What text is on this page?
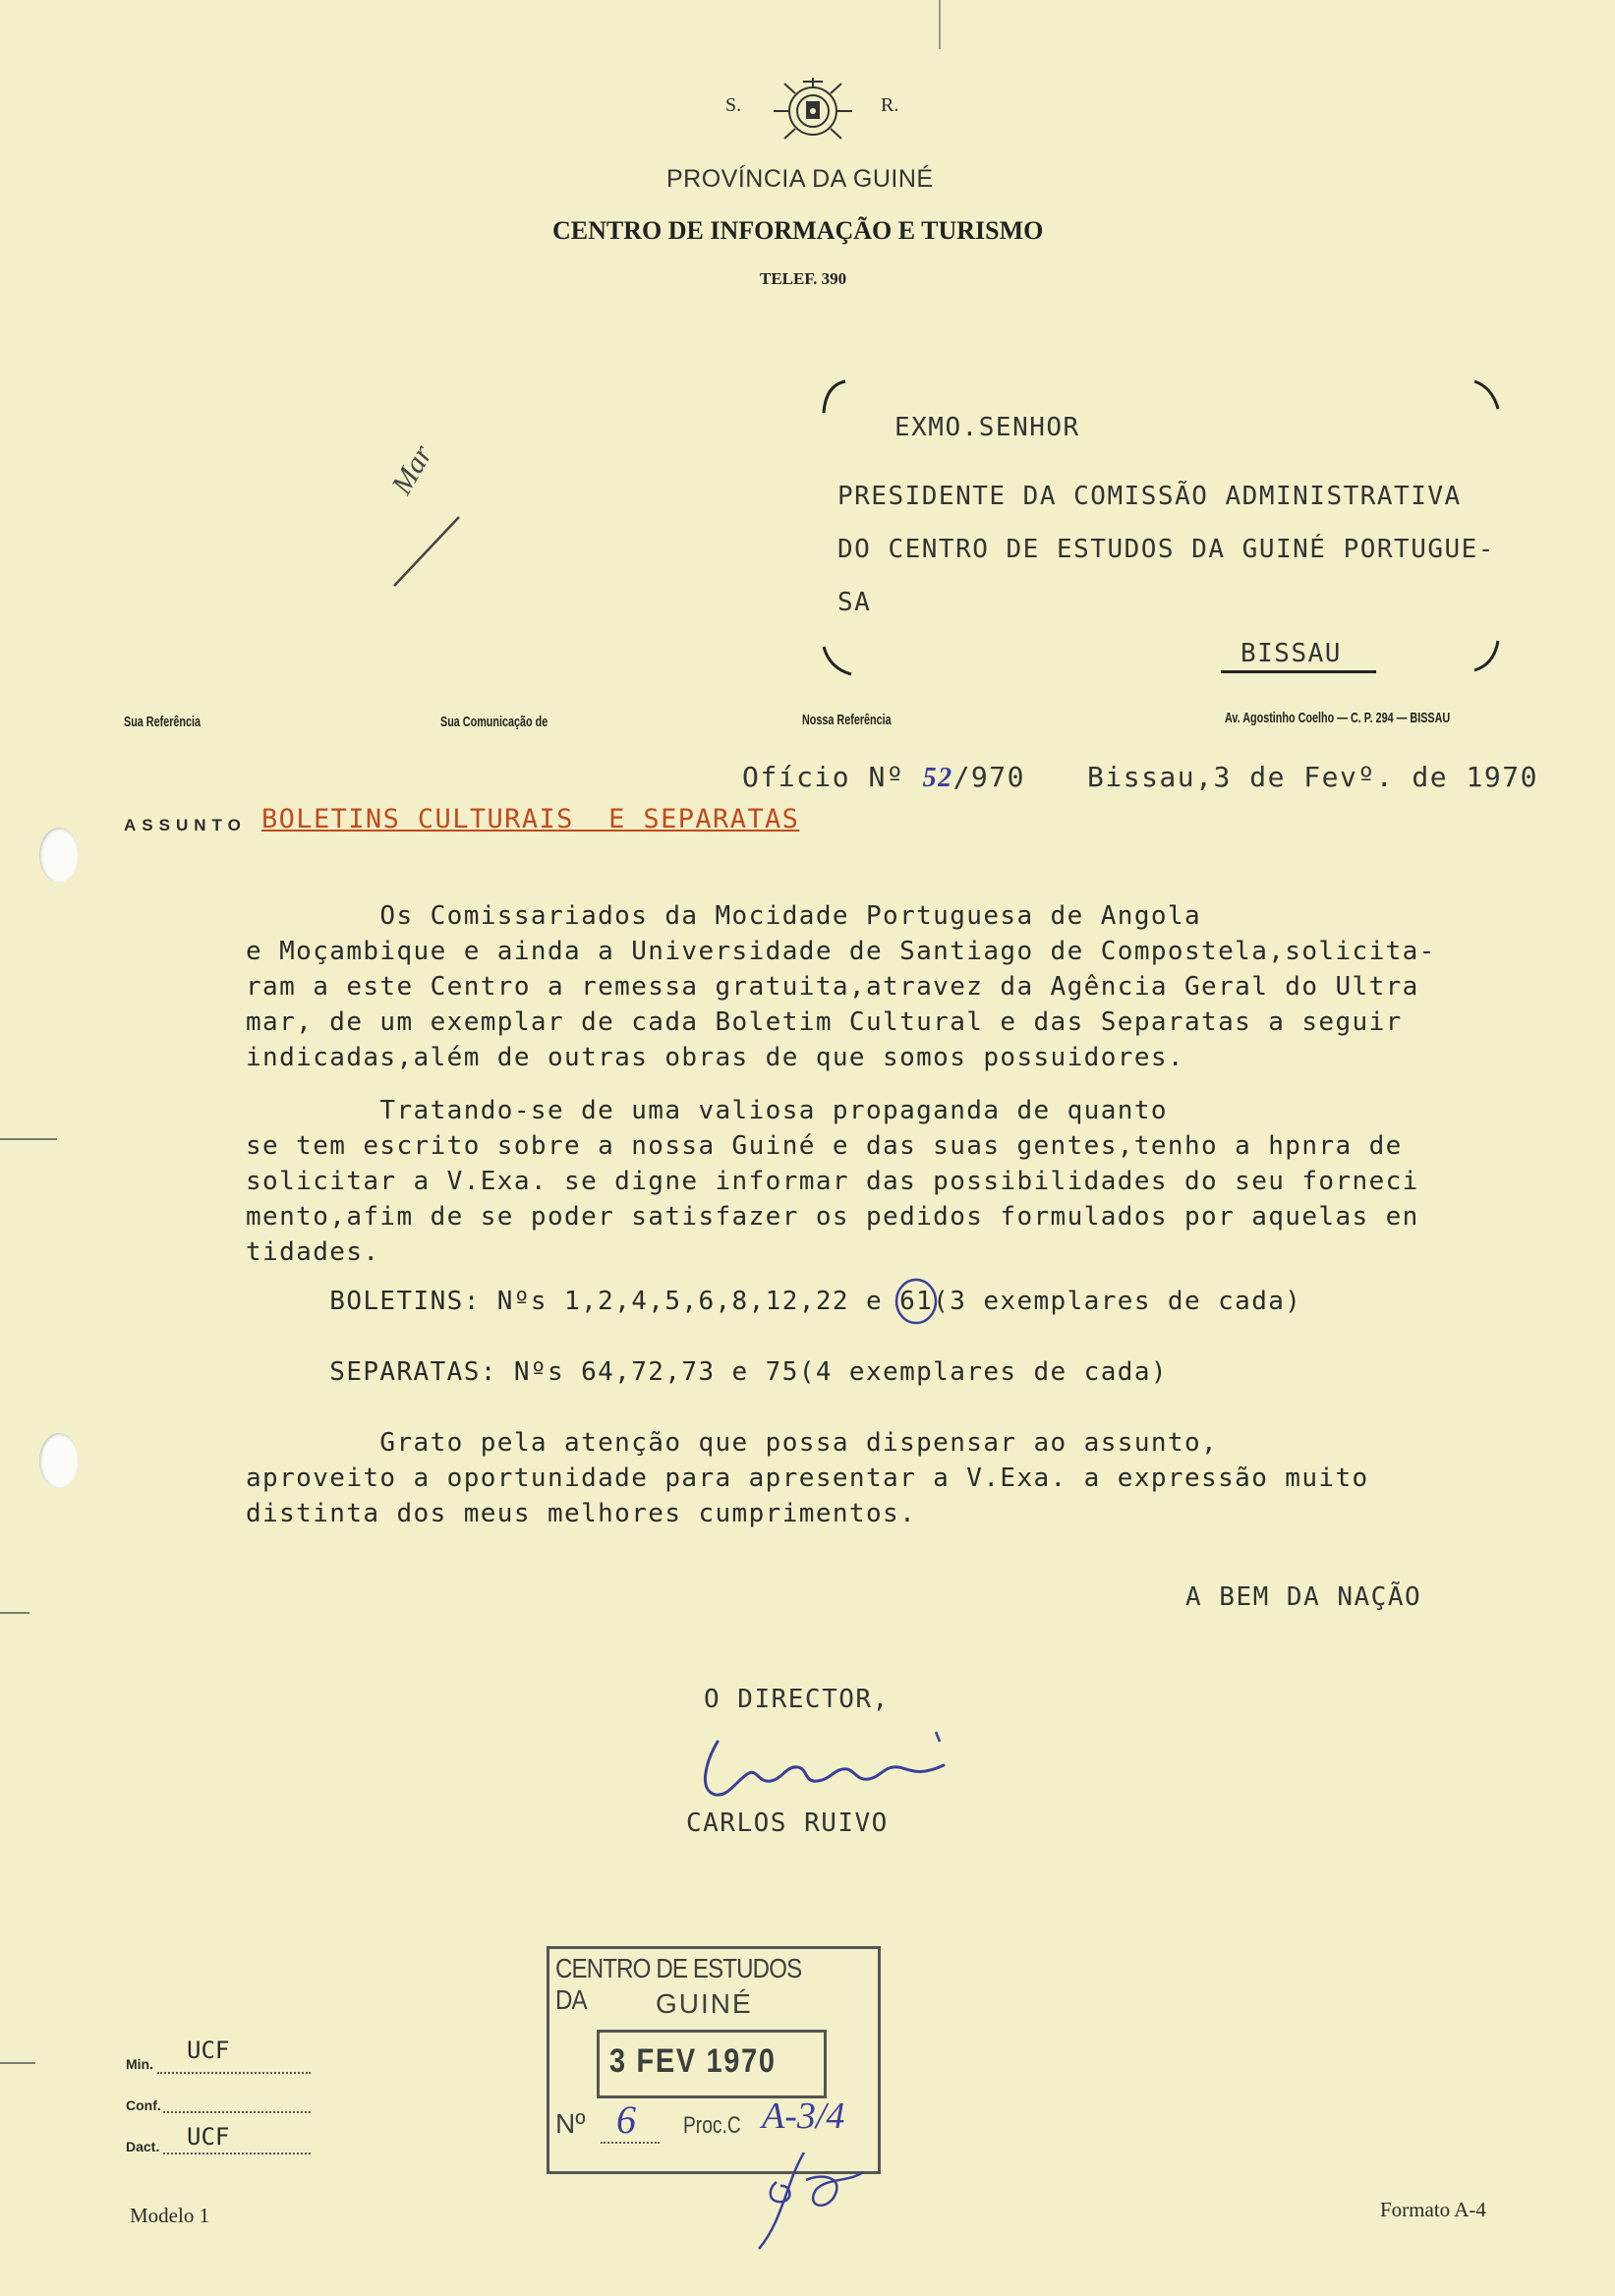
S.	R.
PROVÍNCIA DA GUINÉ
CENTRO DE INFORMAÇÃO E TURISMO
TELEF. 390
EXMO.SENHOR
PRESIDENTE DA COMISSÃO ADMINISTRATIVA
DO CENTRO DE ESTUDOS DA GUINÉ PORTUGUE-
SA
BISSAU
Mar
Sua Referência	Sua Comunicação de	Nossa Referência	Av. Agostinho Coelho — C. P. 294 — BISSAU
Ofício Nº 52/970 Bissau,3 de Fevº. de 1970
ASSUNTO BOLETINS CULTURAIS  E SEPARATAS
Os Comissariados da Mocidade Portuguesa de Angola
e Moçambique e ainda a Universidade de Santiago de Compostela,solicita-
ram a este Centro a remessa gratuita,atravez da Agência Geral do Ultra
mar, de um exemplar de cada Boletim Cultural e das Separatas a seguir
indicadas,além de outras obras de que somos possuidores.
Tratando-se de uma valiosa propaganda de quanto
se tem escrito sobre a nossa Guiné e das suas gentes,tenho a hpnra de
solicitar a V.Exa. se digne informar das possibilidades do seu forneci
mento,afim de se poder satisfazer os pedidos formulados por aquelas en
tidades.
BOLETINS: Nºs 1,2,4,5,6,8,12,22 e 61(3 exemplares de cada)
SEPARATAS: Nºs 64,72,73 e 75(4 exemplares de cada)
Grato pela atenção que possa dispensar ao assunto,
aproveito a oportunidade para apresentar a V.Exa. a expressão muito
distinta dos meus melhores cumprimentos.
A BEM DA NAÇÃO
O DIRECTOR,
CARLOS RUIVO
CENTRO DE ESTUDOS DA	GUINÉ
3 FEV 1970
Nº 6 Proc.C A-3/4
Min. UCF
Conf.
Dact. UCF
Modelo 1	Formato A-4
